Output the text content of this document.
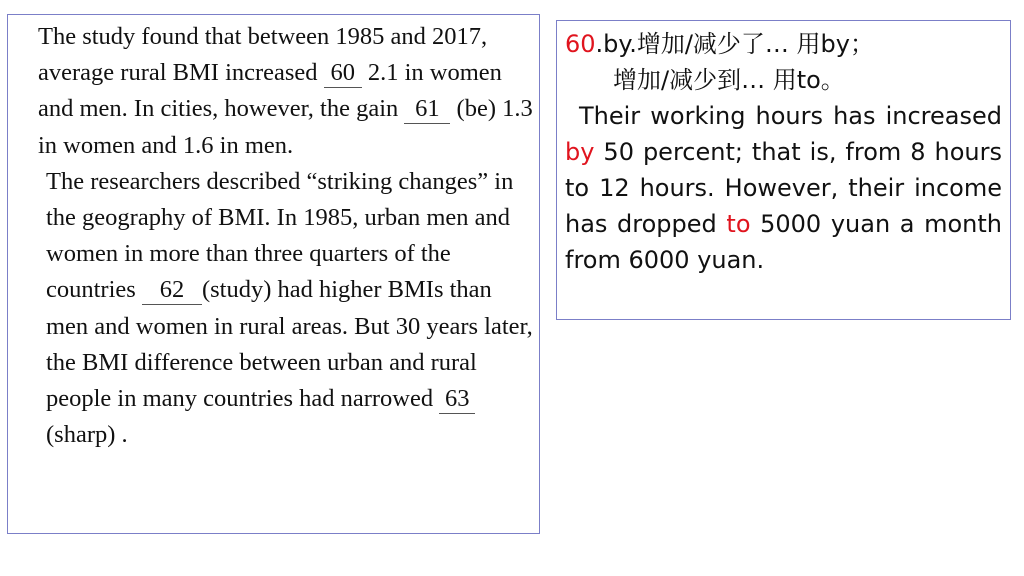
The study found that between 1985 and 2017, average rural BMI increased 60 2.1 in women and men. In cities, however, the gain 61 (be) 1.3 in women and 1.6 in men.

The researchers described “striking changes” in the geography of BMI. In 1985, urban men and women in more than three quarters of the countries 62 (study) had higher BMIs than men and women in rural areas. But 30 years later, the BMI difference between urban and rural people in many countries had narrowed 63 (sharp) .

60.by.增加/减少了… 用by；
增加/减少到… 用to。

Their working hours has increased by 50 percent; that is, from 8 hours to 12 hours. However, their income has dropped to 5000 yuan a month from 6000 yuan.
